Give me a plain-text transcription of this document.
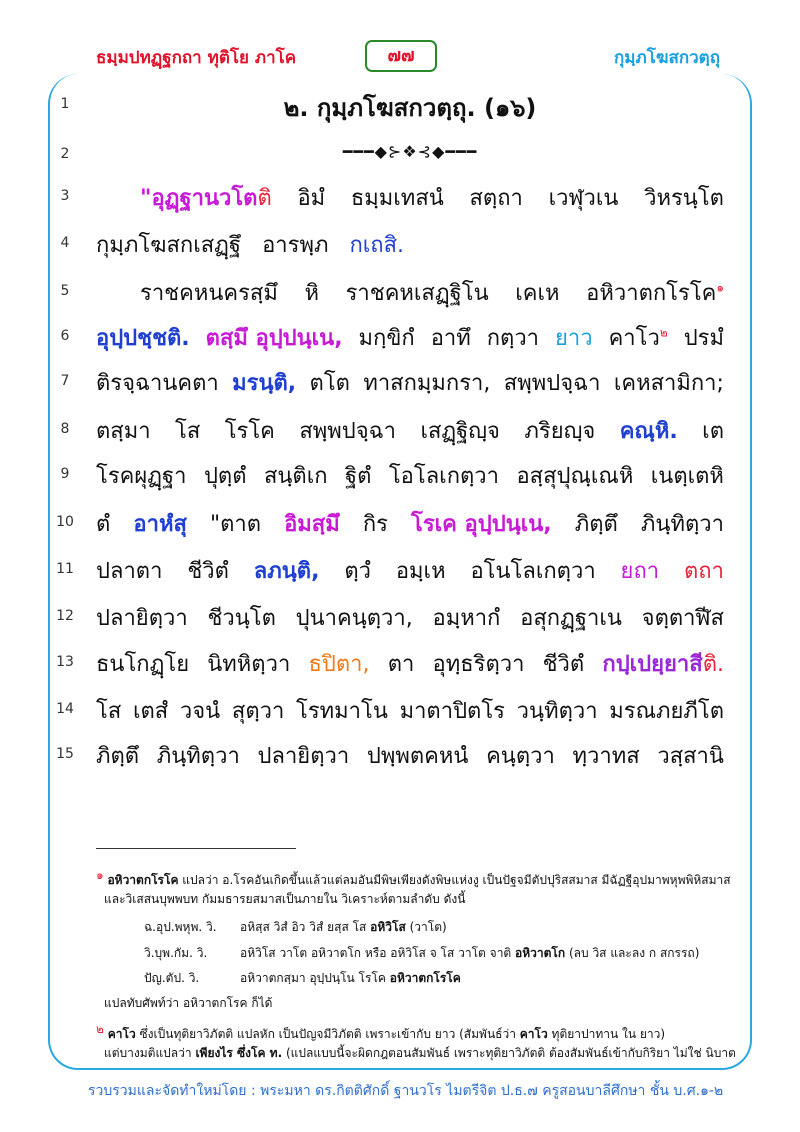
ธมฺมปทฏฺฐกถา ทุติโย ภาโค	๗๗	กุมฺภโฆสกวตฺถุ
๒. กุมฺภโฆสกวตฺถุ. (๑๖)
━━━◆⊱❖⊰◆━━━
1
2
3
4
5
6
7
8
9
10
11
12
13
14
15
"อุฏฺฐานวโตติ อิมํ ธมฺมเทสนํ สตฺถา เวฬุวเน วิหรนฺโต
กุมฺภโฆสกเสฏฺฐึ อารพฺภ กเถสิ.
ราชคหนครสฺมึ หิ ราชคหเสฏฺฐิโน เคเห อหิวาตกโรโค$^๑$
อุปฺปชฺชติ. ตสฺมึ อุปฺปนฺเน, มกฺขิกํ อาทึ กตฺวา ยาว คาโว$^๒$ ปรมํ
ติรจฺฉานคตา มรนฺติ, ตโต ทาสกมฺมกรา, สพฺพปจฺฉา เคหสามิกา;
ตสฺมา โส โรโค สพฺพปจฺฉา เสฏฺฐิญฺจ ภริยญฺจ คณฺหิ. เต
โรคผุฏฺฐา ปุตฺตํ สนฺติเก ฐิตํ โอโลเกตฺวา อสฺสุปุณฺเณหิ เนตฺเตหิ
ตํ อาหํสุ "ตาต อิมสฺมึ กิร โรเค อุปฺปนฺเน, ภิตฺตึ ภินฺทิตฺวา
ปลาตา ชีวิตํ ลภนฺติ, ตฺวํ อมฺเห อโนโลเกตฺวา ยถา ตถา
ปลายิตฺวา ชีวนฺโต ปุนาคนฺตฺวา, อมฺหากํ อสุกฏฺฐาเน จตฺตาฬีส
ธนโกฏฺโย นิทหิตฺวา ธปิตา, ตา อุทฺธริตฺวา ชีวิตํ กปฺเปยฺยาสีติ.
โส เตสํ วจนํ สุตฺวา โรทมาโน มาตาปิตโร วนฺทิตฺวา มรณภยภีโต
ภิตฺตึ ภินฺทิตฺวา ปลายิตฺวา ปพฺพตคหนํ คนฺตฺวา ทฺวาทส วสฺสานิ
$^๑$ อหิวาตกโรโค แปลว่า อ.โรคอันเกิดขึ้นแล้วแต่ลมอันมีพิษเพียงดังพิษแห่งงู เป็นปัฐจมีตัปปุริสสมาส มีฉัฏฐีอุปมาพหุพพิหิสมาส
และวิเสสนบุพพบท กัมมธารยสมาสเป็นภายใน วิเคราะห์ตามลำดับ ดังนี้
ฉ.อุป.พหุพ. วิ. อหิสฺส วิสํ อิว วิสํ ยสฺส โส อหิวิโส (วาโต)
วิ.บุพ.กัม. วิ.	อหิวิโส วาโต อหิวาตโก หรือ อหิวิโส จ โส วาโต จาติ อหิวาตโก (ลบ วิส และลง ก สกรรถ)
ปัญ.ตัป. วิ.	อหิวาตกสฺมา อุปฺปนฺโน โรโค อหิวาตกโรโค
แปลทับศัพท์ว่า อหิวาตกโรค ก็ได้
$^๒$ คาโว ซึ่งเป็นทุติยาวิภัตติ แปลหัก เป็นปัญจมีวิภัตติ เพราะเข้ากับ ยาว (สัมพันธ์ว่า คาโว ทุติยาปาทาน ใน ยาว)
แต่บางมติแปลว่า เพียงไร ซึ่งโค ท. (แปลแบบนี้จะผิดกฎตอนสัมพันธ์ เพราะทุติยาวิภัตติ ต้องสัมพันธ์เข้ากับกิริยา ไม่ใช่ นิบาต
รวบรวมและจัดทำใหม่โดย : พระมหา ดร.กิตติศักดิ์ ฐานวโร ไมตรีจิต ป.ธ.๗ ครูสอนบาลีศึกษา ชั้น บ.ศ.๑-๒
